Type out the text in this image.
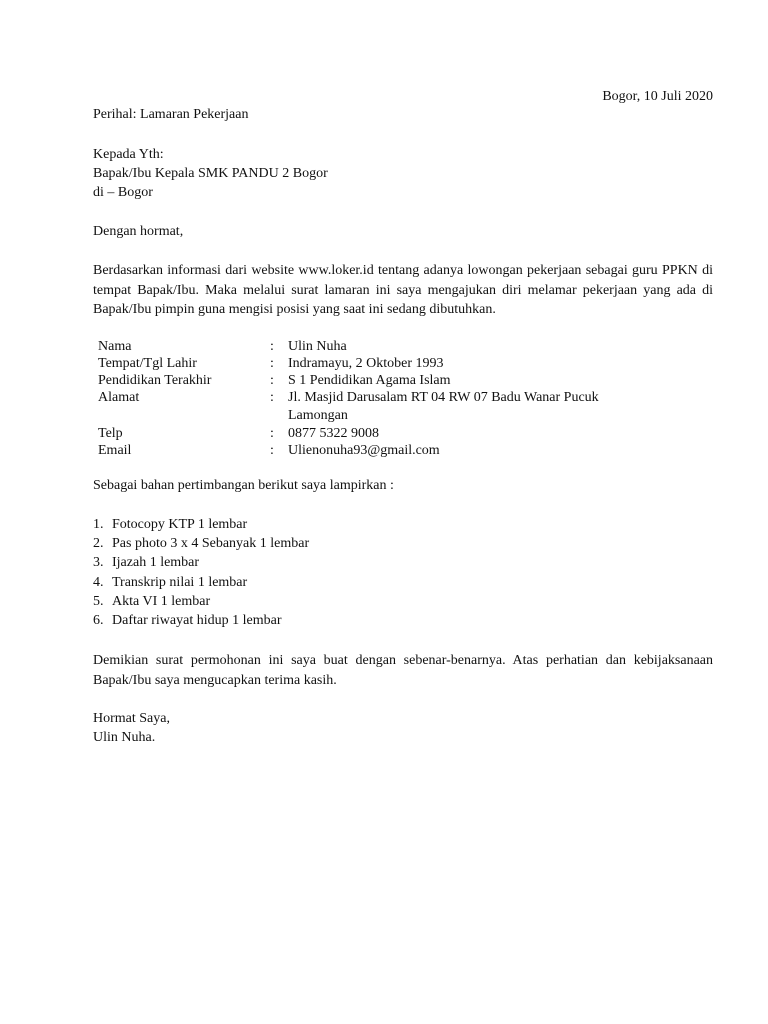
Bogor, 10 Juli 2020
Perihal: Lamaran Pekerjaan
Kepada Yth:
Bapak/Ibu Kepala SMK PANDU 2 Bogor
di – Bogor
Dengan hormat,
Berdasarkan informasi dari website www.loker.id tentang adanya lowongan pekerjaan sebagai guru PPKN di tempat Bapak/Ibu. Maka melalui surat lamaran ini saya mengajukan diri melamar pekerjaan yang ada di Bapak/Ibu pimpin guna mengisi posisi yang saat ini sedang dibutuhkan.
Nama	: Ulin Nuha
Tempat/Tgl Lahir	: Indramayu, 2 Oktober 1993
Pendidikan Terakhir	: S 1 Pendidikan Agama Islam
Alamat	: Jl. Masjid Darusalam RT 04 RW 07 Badu Wanar Pucuk Lamongan
Telp	: 0877 5322 9008
Email	: Ulienonuha93@gmail.com
Sebagai bahan pertimbangan berikut saya lampirkan :
1. Fotocopy KTP 1 lembar
2. Pas photo 3 x 4 Sebanyak 1 lembar
3. Ijazah 1 lembar
4. Transkrip nilai 1 lembar
5. Akta VI 1 lembar
6. Daftar riwayat hidup 1 lembar
Demikian surat permohonan ini saya buat dengan sebenar-benarnya. Atas perhatian dan kebijaksanaan Bapak/Ibu saya mengucapkan terima kasih.
Hormat Saya,
Ulin Nuha.
